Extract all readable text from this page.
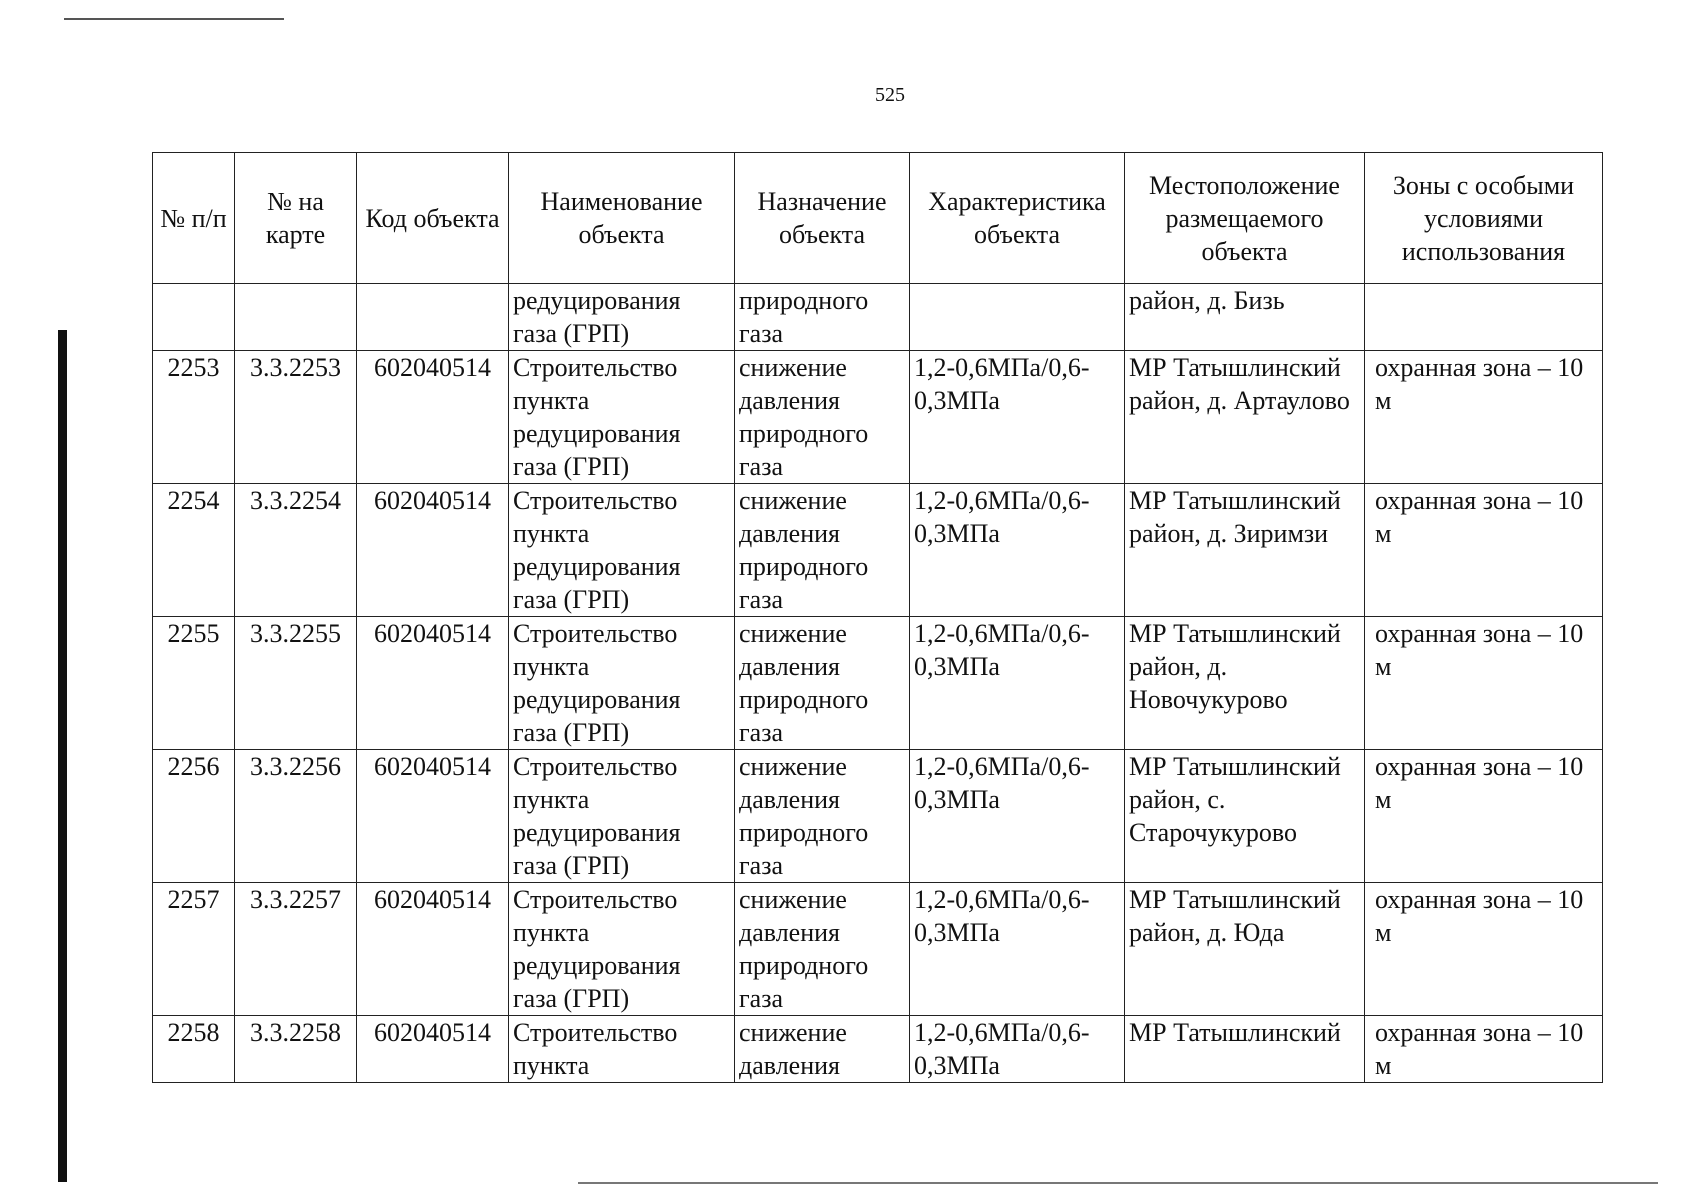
525
№ п/п	№ на карте	Код объекта	Наименование объекта	Назначение объекта	Характеристика объекта	Местоположение размещаемого объекта	Зоны с особыми условиями использования
			редуцирования газа (ГРП)	природного газа		район, д. Бизь	
2253	3.3.2253	602040514	Строительство пункта редуцирования газа (ГРП)	снижение давления природного газа	1,2-0,6МПа/0,6-0,3МПа	МР Татышлинский район, д. Артаулово	охранная зона – 10 м
2254	3.3.2254	602040514	Строительство пункта редуцирования газа (ГРП)	снижение давления природного газа	1,2-0,6МПа/0,6-0,3МПа	МР Татышлинский район, д. Зиримзи	охранная зона – 10 м
2255	3.3.2255	602040514	Строительство пункта редуцирования газа (ГРП)	снижение давления природного газа	1,2-0,6МПа/0,6-0,3МПа	МР Татышлинский район, д. Новочукурово	охранная зона – 10 м
2256	3.3.2256	602040514	Строительство пункта редуцирования газа (ГРП)	снижение давления природного газа	1,2-0,6МПа/0,6-0,3МПа	МР Татышлинский район, с. Старочукурово	охранная зона – 10 м
2257	3.3.2257	602040514	Строительство пункта редуцирования газа (ГРП)	снижение давления природного газа	1,2-0,6МПа/0,6-0,3МПа	МР Татышлинский район, д. Юда	охранная зона – 10 м
2258	3.3.2258	602040514	Строительство пункта	снижение давления	1,2-0,6МПа/0,6-0,3МПа	МР Татышлинский	охранная зона – 10 м
